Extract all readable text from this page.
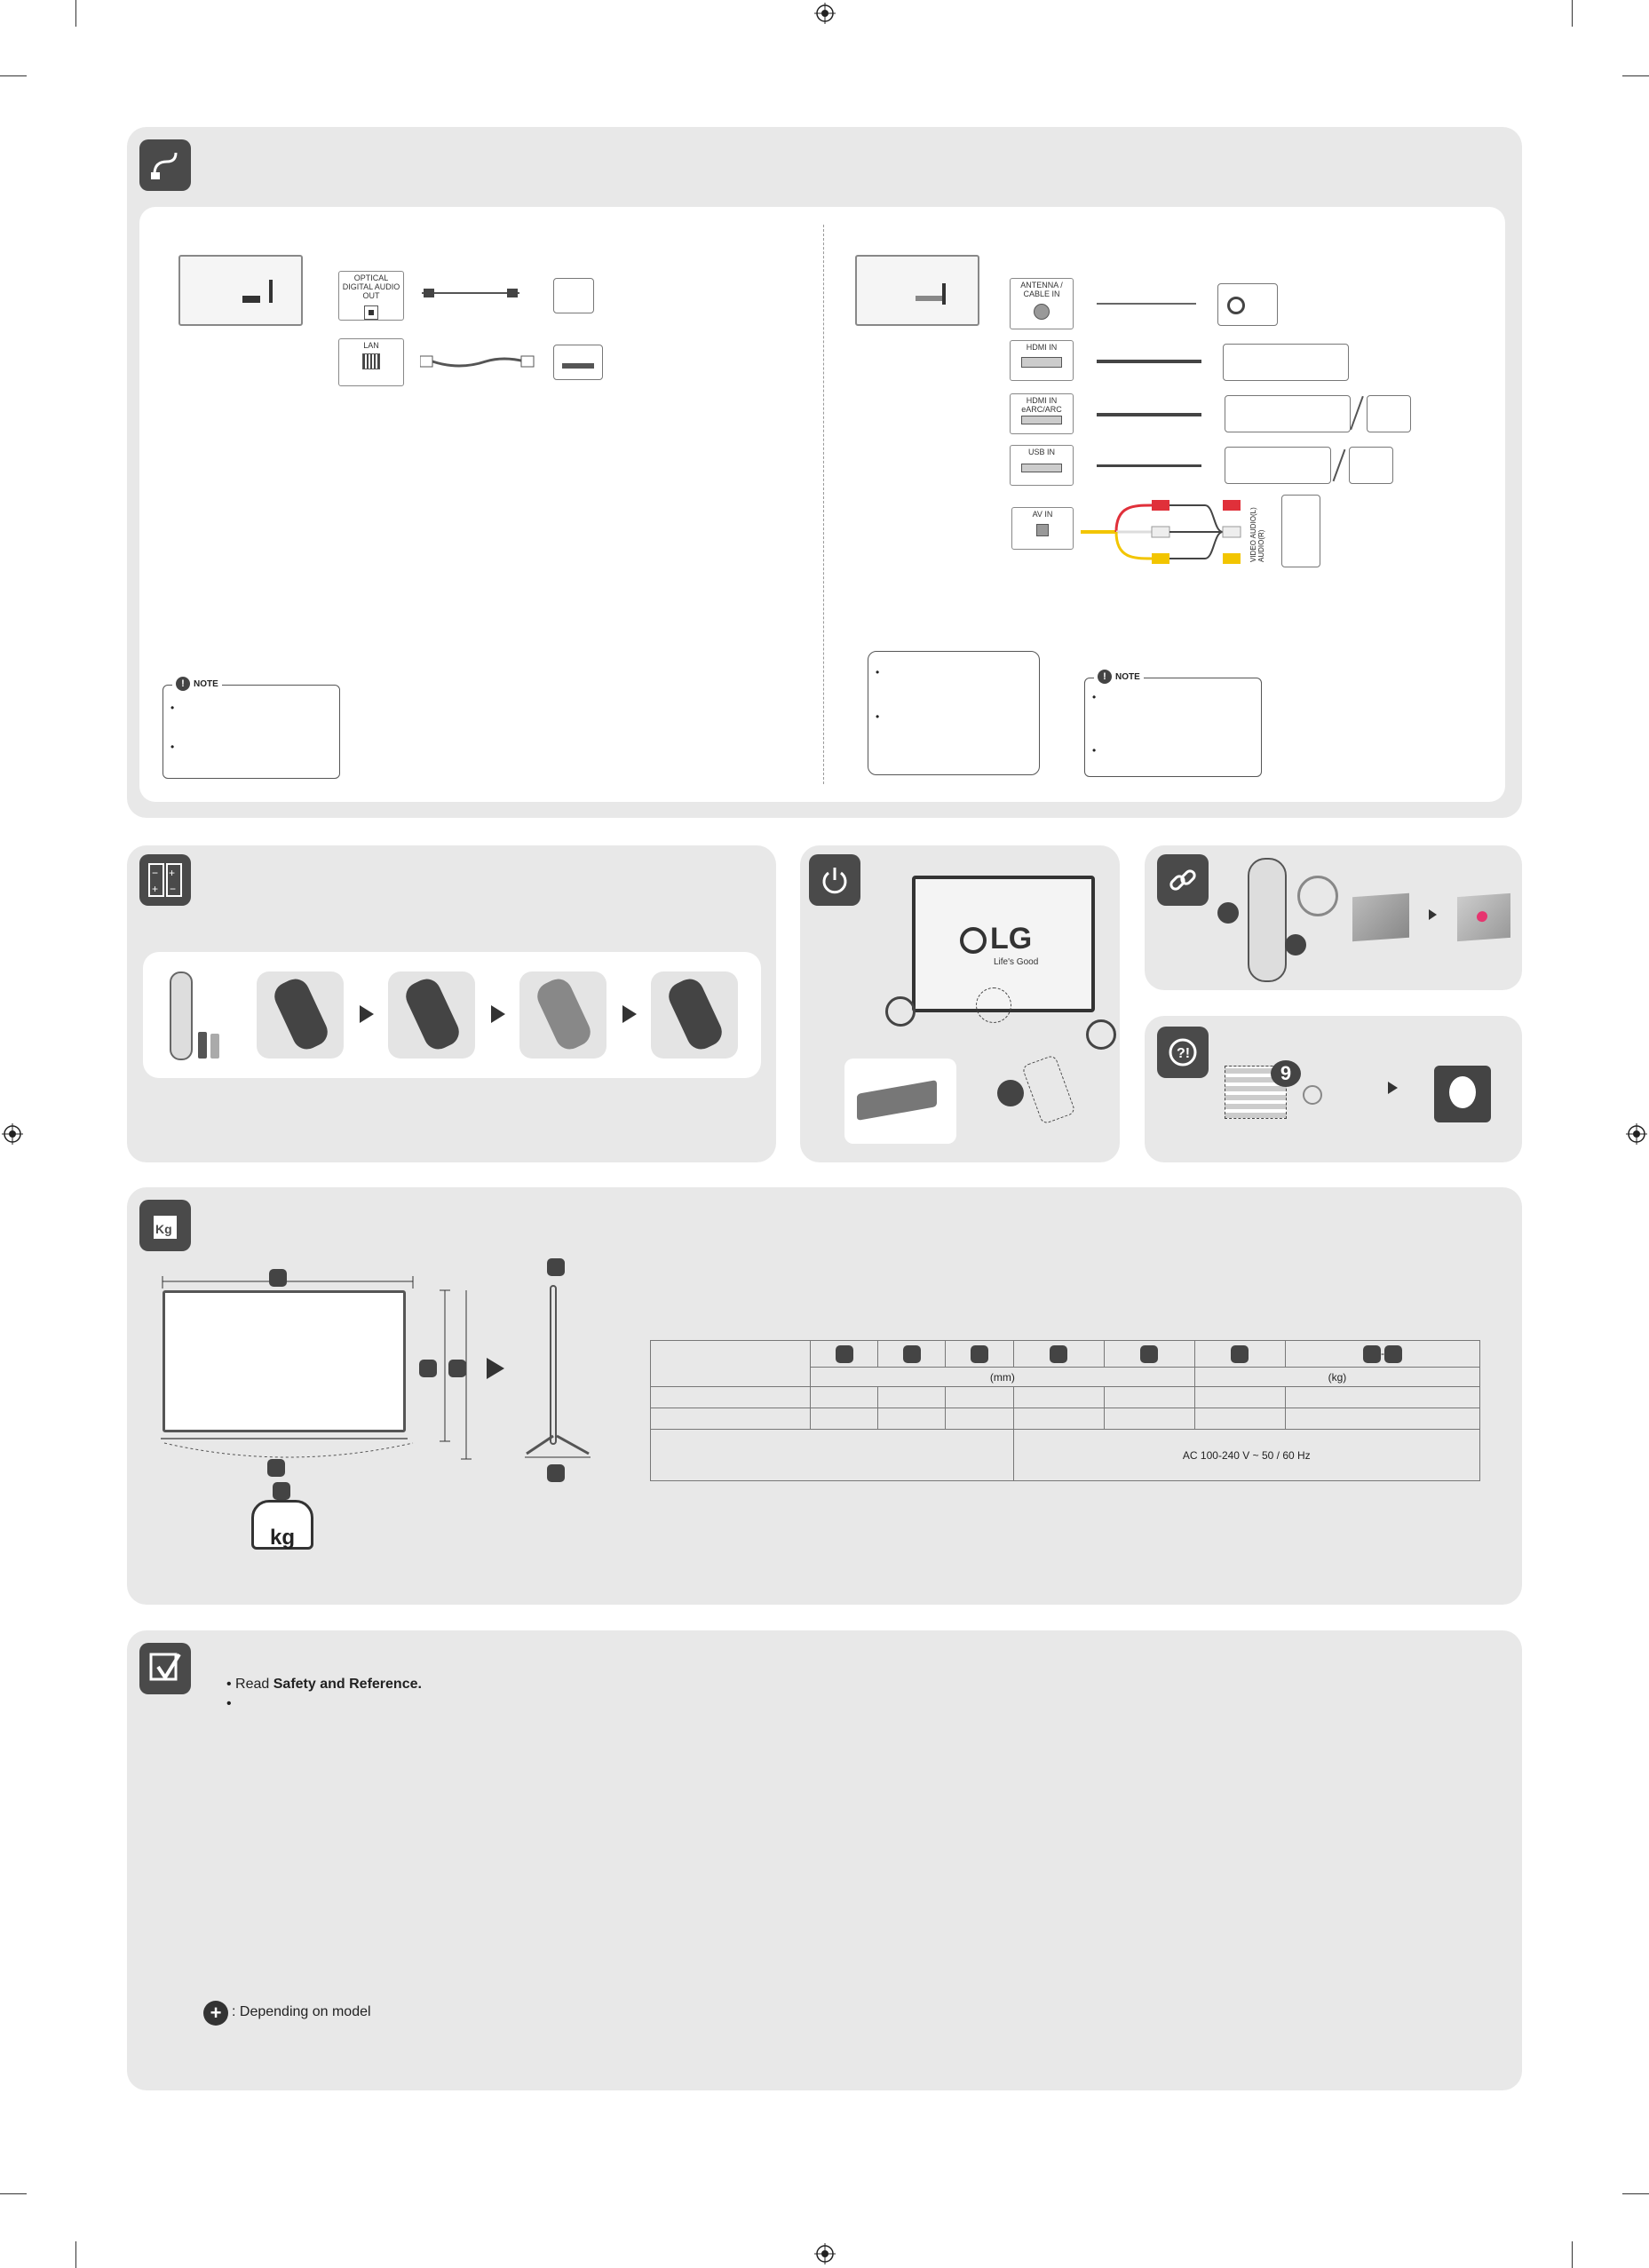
OPTICAL DIGITAL AUDIO OUT
LAN
!	NOTE
•
•
ANTENNA / CABLE IN
HDMI IN
HDMI IN eARC/ARC
USB IN
AV IN	VIDEO AUDIO(L) AUDIO(R)
•
•
!	NOTE
•
•
− +
+ −
LG
Life's Good
?!
9
Kg
kg
							-
	(mm)					(kg)	

				AC 100-240 V ~ 50 / 60 Hz			
• Read Safety and Reference.
•
+ : Depending on model
